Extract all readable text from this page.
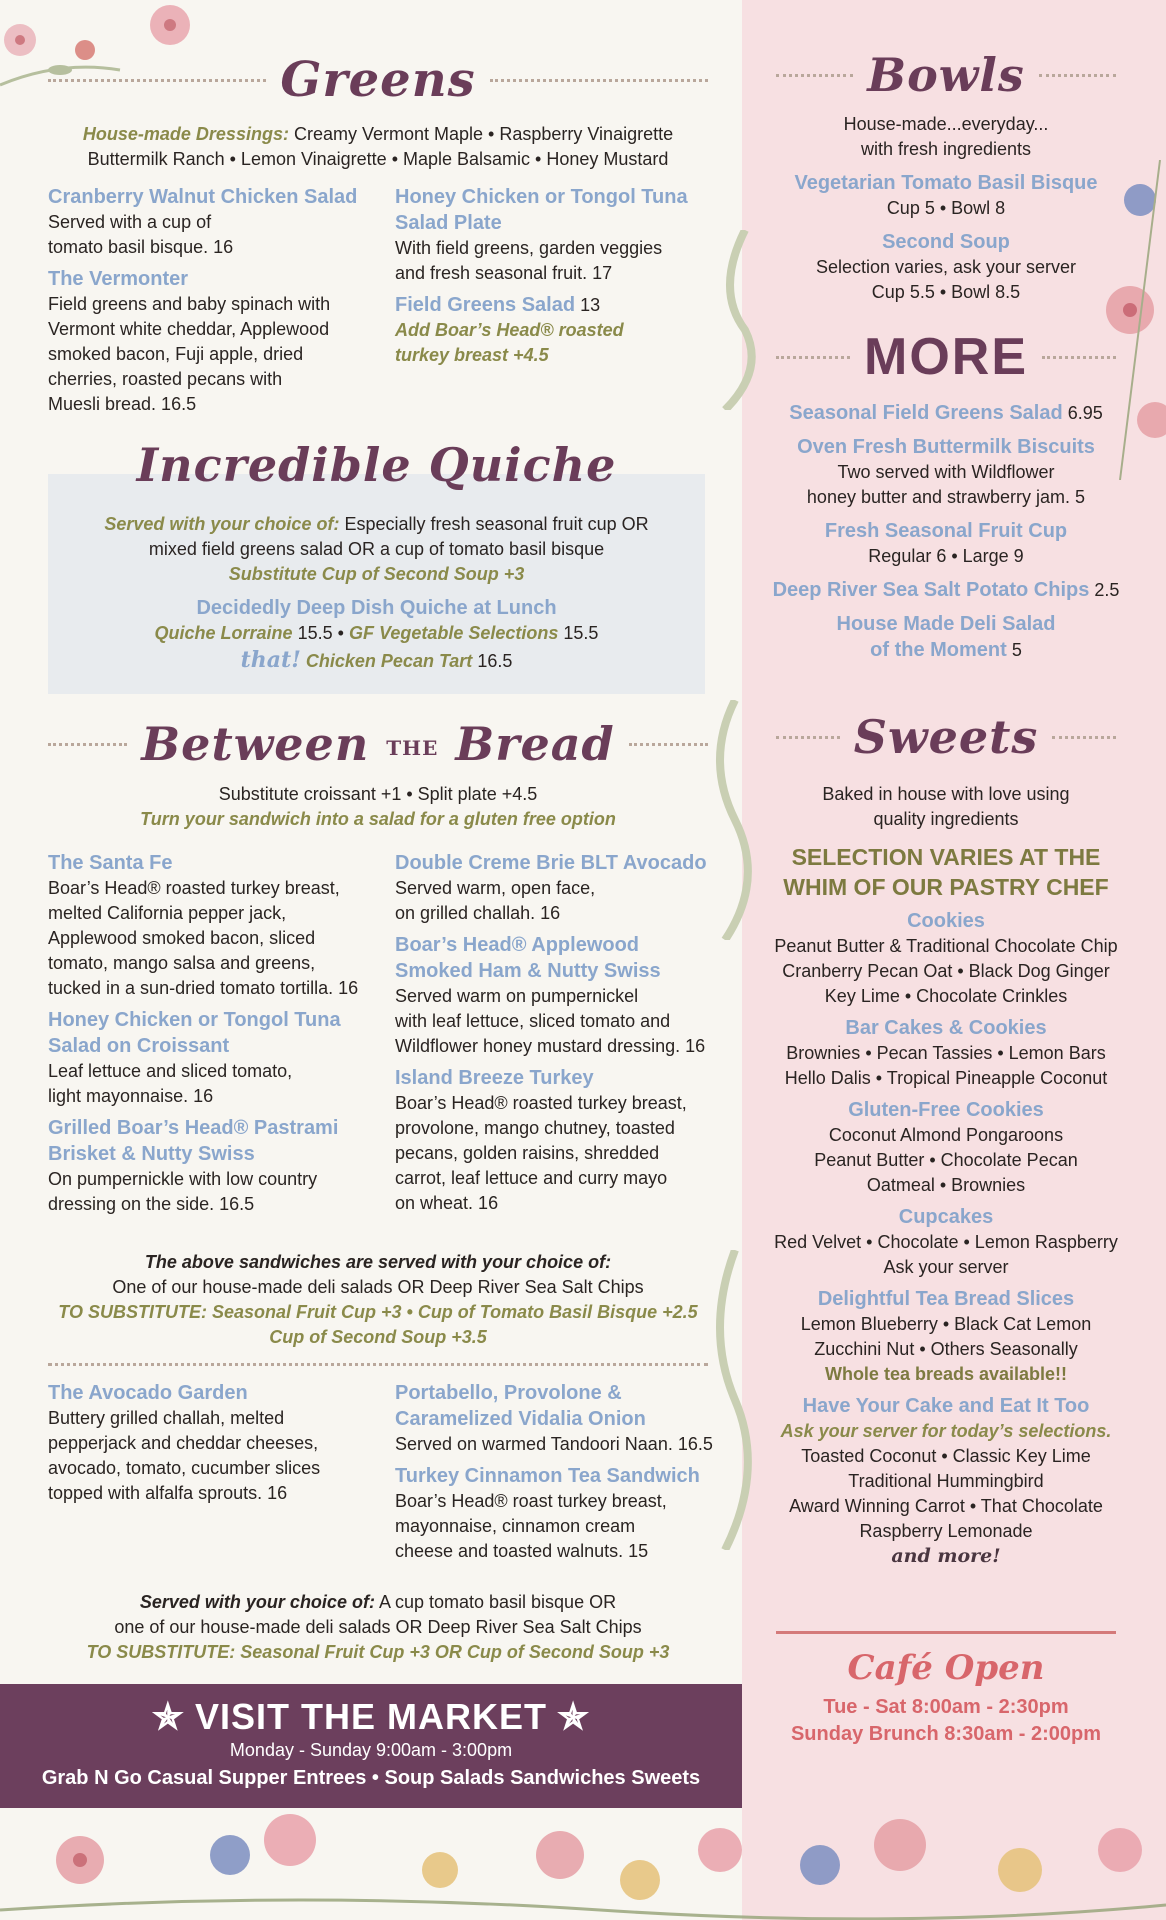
Greens
House-made Dressings: Creamy Vermont Maple • Raspberry Vinaigrette
Buttermilk Ranch • Lemon Vinaigrette • Maple Balsamic • Honey Mustard
Cranberry Walnut Chicken Salad
Served with a cup of
tomato basil bisque. 16
The Vermonter
Field greens and baby spinach with
Vermont white cheddar, Applewood
smoked bacon, Fuji apple, dried
cherries, roasted pecans with
Muesli bread. 16.5
Honey Chicken or Tongol Tuna
Salad Plate
With field greens, garden veggies
and fresh seasonal fruit. 17
Field Greens Salad 13
Add Boar’s Head® roasted
turkey breast +4.5
Incredible Quiche
Served with your choice of: Especially fresh seasonal fruit cup OR
mixed field greens salad OR a cup of tomato basil bisque
Substitute Cup of Second Soup +3
Decidedly Deep Dish Quiche at Lunch
Quiche Lorraine 15.5 • GF Vegetable Selections 15.5
that! Chicken Pecan Tart 16.5
Between THE Bread
Substitute croissant +1 • Split plate +4.5
Turn your sandwich into a salad for a gluten free option
The Santa Fe
Boar’s Head® roasted turkey breast,
melted California pepper jack,
Applewood smoked bacon, sliced
tomato, mango salsa and greens,
tucked in a sun-dried tomato tortilla. 16
Honey Chicken or Tongol Tuna
Salad on Croissant
Leaf lettuce and sliced tomato,
light mayonnaise. 16
Grilled Boar’s Head® Pastrami
Brisket & Nutty Swiss
On pumpernickle with low country
dressing on the side. 16.5
Double Creme Brie BLT Avocado
Served warm, open face,
on grilled challah. 16
Boar’s Head® Applewood
Smoked Ham & Nutty Swiss
Served warm on pumpernickel
with leaf lettuce, sliced tomato and
Wildflower honey mustard dressing. 16
Island Breeze Turkey
Boar’s Head® roasted turkey breast,
provolone, mango chutney, toasted
pecans, golden raisins, shredded
carrot, leaf lettuce and curry mayo
on wheat. 16
The above sandwiches are served with your choice of:
One of our house-made deli salads OR Deep River Sea Salt Chips
TO SUBSTITUTE: Seasonal Fruit Cup +3 • Cup of Tomato Basil Bisque +2.5
Cup of Second Soup +3.5
The Avocado Garden
Buttery grilled challah, melted
pepperjack and cheddar cheeses,
avocado, tomato, cucumber slices
topped with alfalfa sprouts. 16
Portabello, Provolone &
Caramelized Vidalia Onion
Served on warmed Tandoori Naan. 16.5
Turkey Cinnamon Tea Sandwich
Boar’s Head® roast turkey breast,
mayonnaise, cinnamon cream
cheese and toasted walnuts. 15
Served with your choice of: A cup tomato basil bisque OR
one of our house-made deli salads OR Deep River Sea Salt Chips
TO SUBSTITUTE: Seasonal Fruit Cup +3 OR Cup of Second Soup +3
✯ VISIT THE MARKET ✯
Monday - Sunday 9:00am - 3:00pm
Grab N Go Casual Supper Entrees • Soup Salads Sandwiches Sweets
Bowls
House-made...everyday...
with fresh ingredients
Vegetarian Tomato Basil Bisque
Cup 5 • Bowl 8
Second Soup
Selection varies, ask your server
Cup 5.5 • Bowl 8.5
MORE
Seasonal Field Greens Salad 6.95
Oven Fresh Buttermilk Biscuits
Two served with Wildflower
honey butter and strawberry jam. 5
Fresh Seasonal Fruit Cup
Regular 6 • Large 9
Deep River Sea Salt Potato Chips 2.5
House Made Deli Salad
of the Moment 5
Sweets
Baked in house with love using
quality ingredients
SELECTION VARIES AT THE
WHIM OF OUR PASTRY CHEF
Cookies
Peanut Butter & Traditional Chocolate Chip
Cranberry Pecan Oat • Black Dog Ginger
Key Lime • Chocolate Crinkles
Bar Cakes & Cookies
Brownies • Pecan Tassies • Lemon Bars
Hello Dalis • Tropical Pineapple Coconut
Gluten-Free Cookies
Coconut Almond Pongaroons
Peanut Butter • Chocolate Pecan
Oatmeal • Brownies
Cupcakes
Red Velvet • Chocolate • Lemon Raspberry
Ask your server
Delightful Tea Bread Slices
Lemon Blueberry • Black Cat Lemon
Zucchini Nut • Others Seasonally
Whole tea breads available!!
Have Your Cake and Eat It Too
Ask your server for today’s selections.
Toasted Coconut • Classic Key Lime
Traditional Hummingbird
Award Winning Carrot • That Chocolate
Raspberry Lemonade
and more!
Café Open
Tue - Sat 8:00am - 2:30pm
Sunday Brunch 8:30am - 2:00pm
